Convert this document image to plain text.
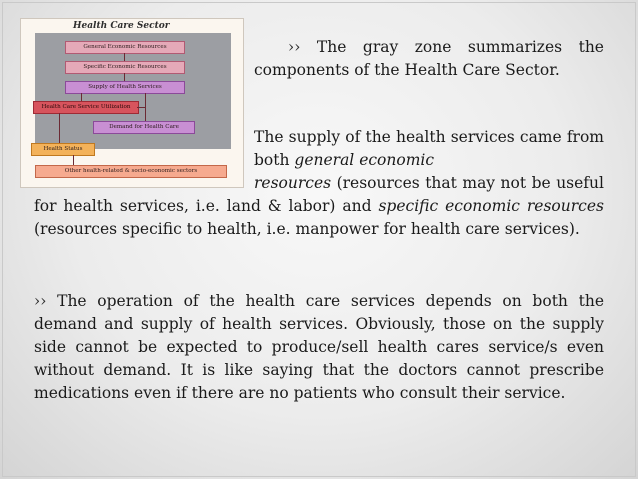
Health Care Sector
General Economic Resources
Specific Economic Resources
Supply of Health Services
Health Care Service Utilization
Demand for Health Care
Health Status
Other health-related & socio-economic sectors

›› The gray zone summarizes the components of the Health Care Sector.

The supply of the health services came from both general economic

resources (resources that may not be useful for health services, i.e. land & labor) and specific economic resources (resources specific to health, i.e. manpower for health care services).

›› The operation of the health care services depends on both the demand and supply of health services. Obviously, those on the supply side cannot be expected to produce/sell health cares service/s even without demand. It is like saying that the doctors cannot prescribe medications even if there are no patients who consult their service.
